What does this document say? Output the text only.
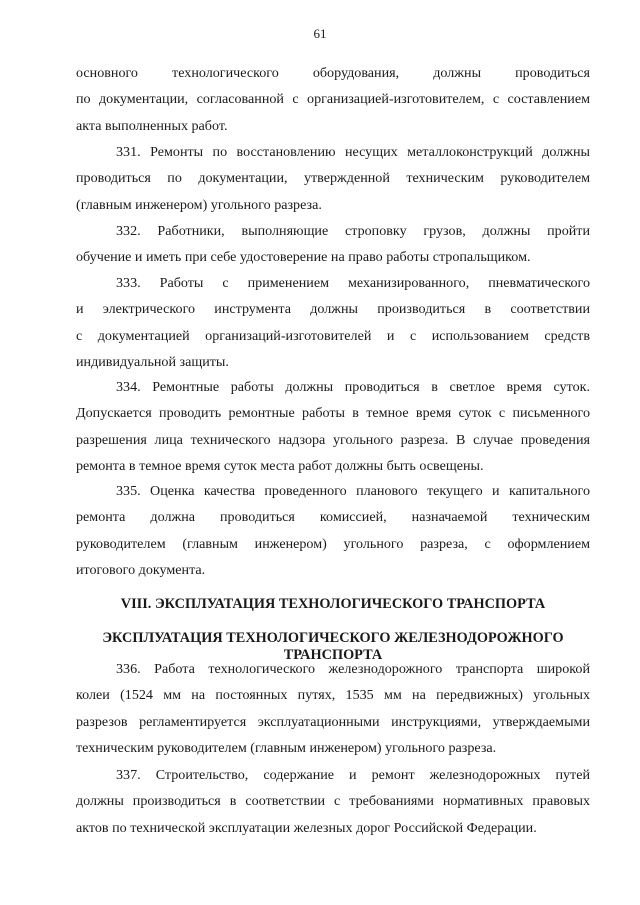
61
основного технологического оборудования, должны проводиться
по документации, согласованной с организацией-изготовителем, с составлением
акта выполненных работ.
331. Ремонты по восстановлению несущих металлоконструкций должны
проводиться по документации, утвержденной техническим руководителем
(главным инженером) угольного разреза.
332. Работники, выполняющие строповку грузов, должны пройти
обучение и иметь при себе удостоверение на право работы стропальщиком.
333. Работы с применением механизированного, пневматического
и электрического инструмента должны производиться в соответствии
с документацией организаций-изготовителей и с использованием средств
индивидуальной защиты.
334. Ремонтные работы должны проводиться в светлое время суток.
Допускается проводить ремонтные работы в темное время суток с письменного
разрешения лица технического надзора угольного разреза. В случае проведения
ремонта в темное время суток места работ должны быть освещены.
335. Оценка качества проведенного планового текущего и капитального
ремонта должна проводиться комиссией, назначаемой техническим
руководителем (главным инженером) угольного разреза, с оформлением
итогового документа.
VIII. ЭКСПЛУАТАЦИЯ ТЕХНОЛОГИЧЕСКОГО ТРАНСПОРТА
ЭКСПЛУАТАЦИЯ ТЕХНОЛОГИЧЕСКОГО ЖЕЛЕЗНОДОРОЖНОГО ТРАНСПОРТА
336. Работа технологического железнодорожного транспорта широкой
колеи (1524 мм на постоянных путях, 1535 мм на передвижных) угольных
разрезов регламентируется эксплуатационными инструкциями, утверждаемыми
техническим руководителем (главным инженером) угольного разреза.
337. Строительство, содержание и ремонт железнодорожных путей
должны производиться в соответствии с требованиями нормативных правовых
актов по технической эксплуатации железных дорог Российской Федерации.
